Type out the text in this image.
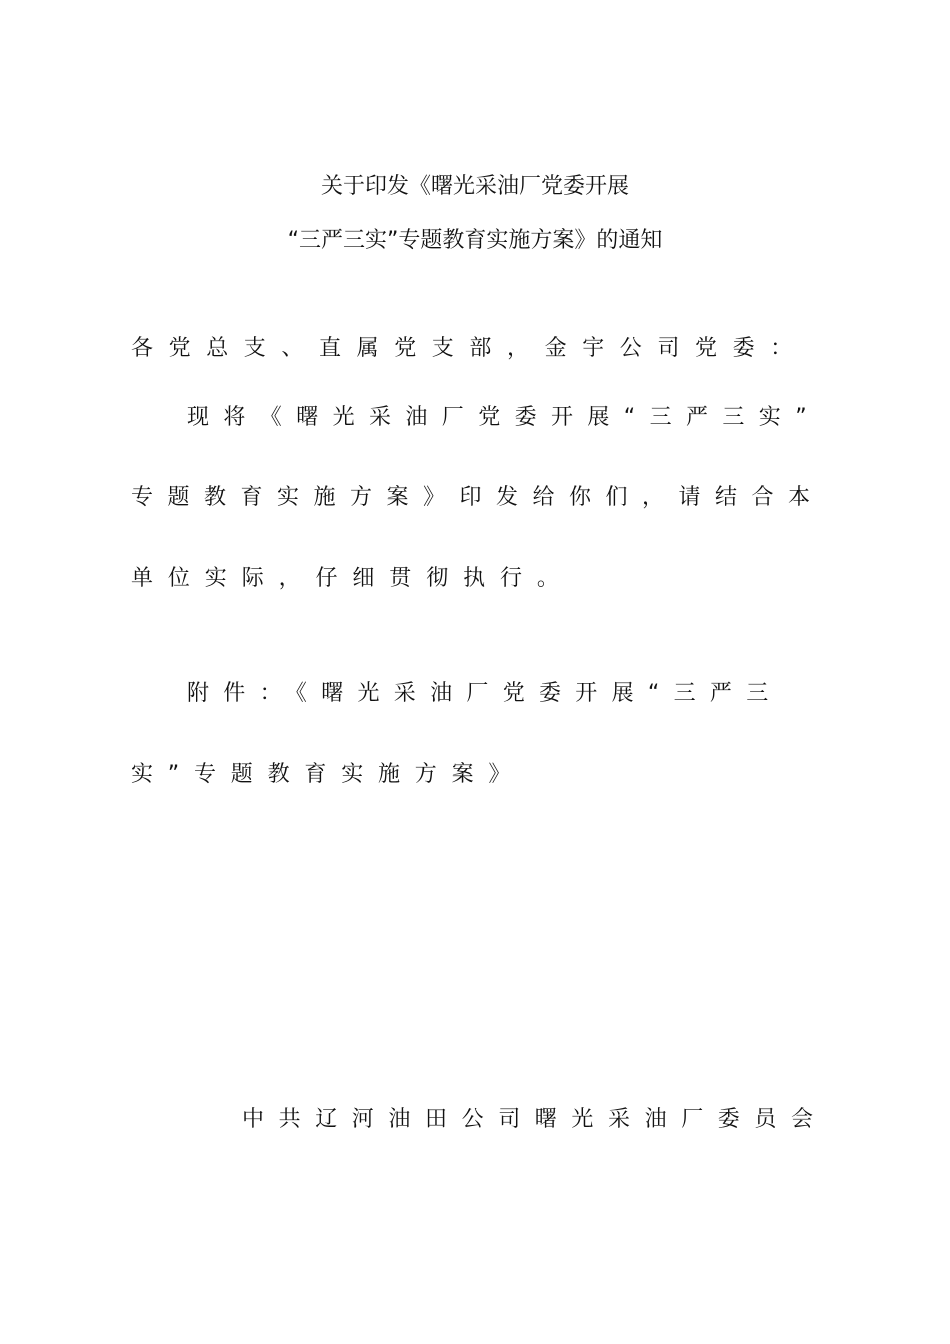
关于印发《曙光采油厂党委开展
“三严三实”专题教育实施方案》的通知
各党总支、直属党支部，金宇公司党委：
现将《曙光采油厂党委开展“三严三实”
专题教育实施方案》印发给你们，请结合本
单位实际，仔细贯彻执行。
附件：《曙光采油厂党委开展“三严三
实”专题教育实施方案》
中共辽河油田公司曙光采油厂委员会
